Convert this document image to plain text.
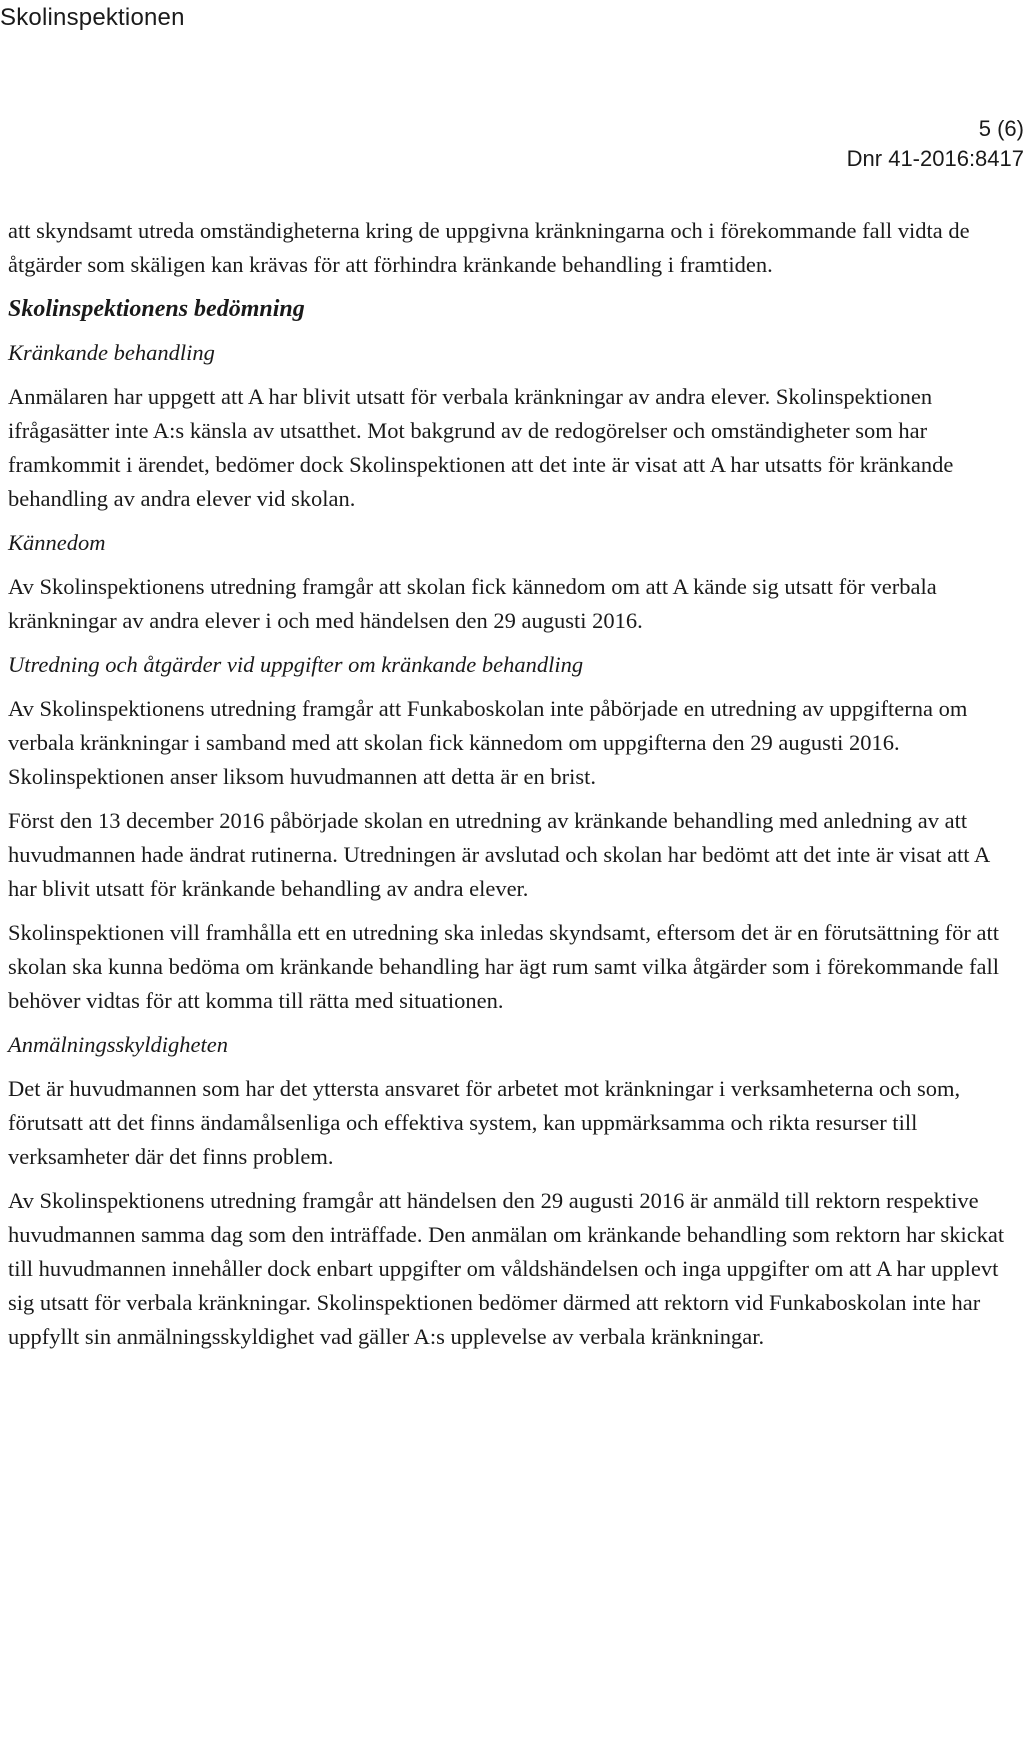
Skolinspektionen
5 (6)
Dnr 41-2016:8417

att skyndsamt utreda omständigheterna kring de uppgivna kränkningarna och i förekommande fall vidta de åtgärder som skäligen kan krävas för att förhindra kränkande behandling i framtiden.

Skolinspektionens bedömning

Kränkande behandling

Anmälaren har uppgett att A har blivit utsatt för verbala kränkningar av andra elever. Skolinspektionen ifrågasätter inte A:s känsla av utsatthet. Mot bakgrund av de redogörelser och omständigheter som har framkommit i ärendet, bedömer dock Skolinspektionen att det inte är visat att A har utsatts för kränkande behandling av andra elever vid skolan.

Kännedom

Av Skolinspektionens utredning framgår att skolan fick kännedom om att A kände sig utsatt för verbala kränkningar av andra elever i och med händelsen den 29 augusti 2016.

Utredning och åtgärder vid uppgifter om kränkande behandling

Av Skolinspektionens utredning framgår att Funkaboskolan inte påbörjade en utredning av uppgifterna om verbala kränkningar i samband med att skolan fick kännedom om uppgifterna den 29 augusti 2016. Skolinspektionen anser liksom huvudmannen att detta är en brist.

Först den 13 december 2016 påbörjade skolan en utredning av kränkande behandling med anledning av att huvudmannen hade ändrat rutinerna. Utredningen är avslutad och skolan har bedömt att det inte är visat att A har blivit utsatt för kränkande behandling av andra elever.

Skolinspektionen vill framhålla ett en utredning ska inledas skyndsamt, eftersom det är en förutsättning för att skolan ska kunna bedöma om kränkande behandling har ägt rum samt vilka åtgärder som i förekommande fall behöver vidtas för att komma till rätta med situationen.

Anmälningsskyldigheten

Det är huvudmannen som har det yttersta ansvaret för arbetet mot kränkningar i verksamheterna och som, förutsatt att det finns ändamålsenliga och effektiva system, kan uppmärksamma och rikta resurser till verksamheter där det finns problem.

Av Skolinspektionens utredning framgår att händelsen den 29 augusti 2016 är anmäld till rektorn respektive huvudmannen samma dag som den inträffade. Den anmälan om kränkande behandling som rektorn har skickat till huvudmannen innehåller dock enbart uppgifter om våldshändelsen och inga uppgifter om att A har upplevt sig utsatt för verbala kränkningar. Skolinspektionen bedömer därmed att rektorn vid Funkaboskolan inte har uppfyllt sin anmälningsskyldighet vad gäller A:s upplevelse av verbala kränkningar.
